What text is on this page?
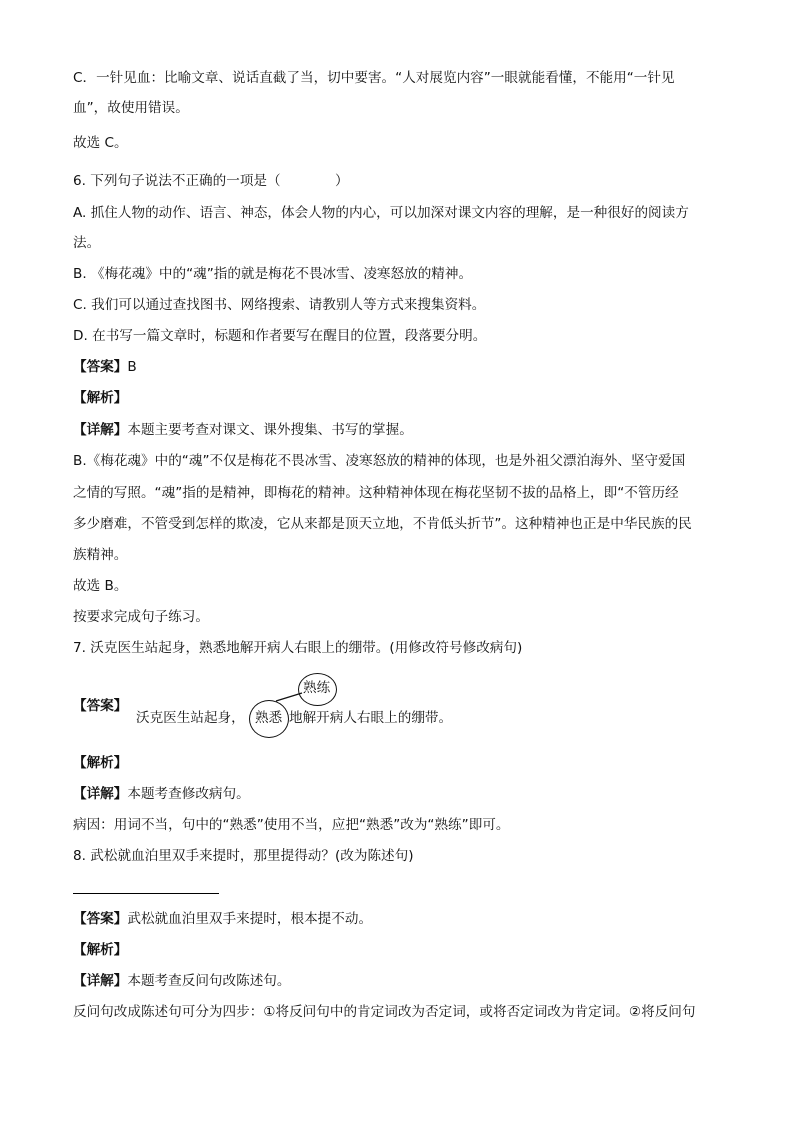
C．一针见血：比喻文章、说话直截了当，切中要害。“人对展览内容”一眼就能看懂，不能用“一针见
血”，故使用错误。
故选 C。
6. 下列句子说法不正确的一项是（　　　　）
A. 抓住人物的动作、语言、神态，体会人物的内心，可以加深对课文内容的理解，是一种很好的阅读方
法。
B. 《梅花魂》中的“魂”指的就是梅花不畏冰雪、凌寒怒放的精神。
C. 我们可以通过查找图书、网络搜索、请教别人等方式来搜集资料。
D. 在书写一篇文章时，标题和作者要写在醒目的位置，段落要分明。
【答案】B
【解析】
【详解】本题主要考查对课文、课外搜集、书写的掌握。
B.《梅花魂》中的“魂”不仅是梅花不畏冰雪、凌寒怒放的精神的体现，也是外祖父漂泊海外、坚守爱国
之情的写照。“魂”指的是精神，即梅花的精神。这种精神体现在梅花坚韧不拔的品格上，即“不管历经
多少磨难，不管受到怎样的欺凌，它从来都是顶天立地，不肯低头折节”。这种精神也正是中华民族的民
族精神。
故选 B。
按要求完成句子练习。
7. 沃克医生站起身，熟悉地解开病人右眼上的绷带。(用修改符号修改病句)
【答案】
沃克医生站起身， 熟悉 地解开病人右眼上的绷带。
熟练
【解析】
【详解】本题考查修改病句。
病因：用词不当，句中的“熟悉”使用不当，应把“熟悉”改为“熟练”即可。
8. 武松就血泊里双手来提时，那里提得动？(改为陈述句)
【答案】武松就血泊里双手来提时，根本提不动。
【解析】
【详解】本题考查反问句改陈述句。
反问句改成陈述句可分为四步：①将反问句中的肯定词改为否定词，或将否定词改为肯定词。②将反问句
